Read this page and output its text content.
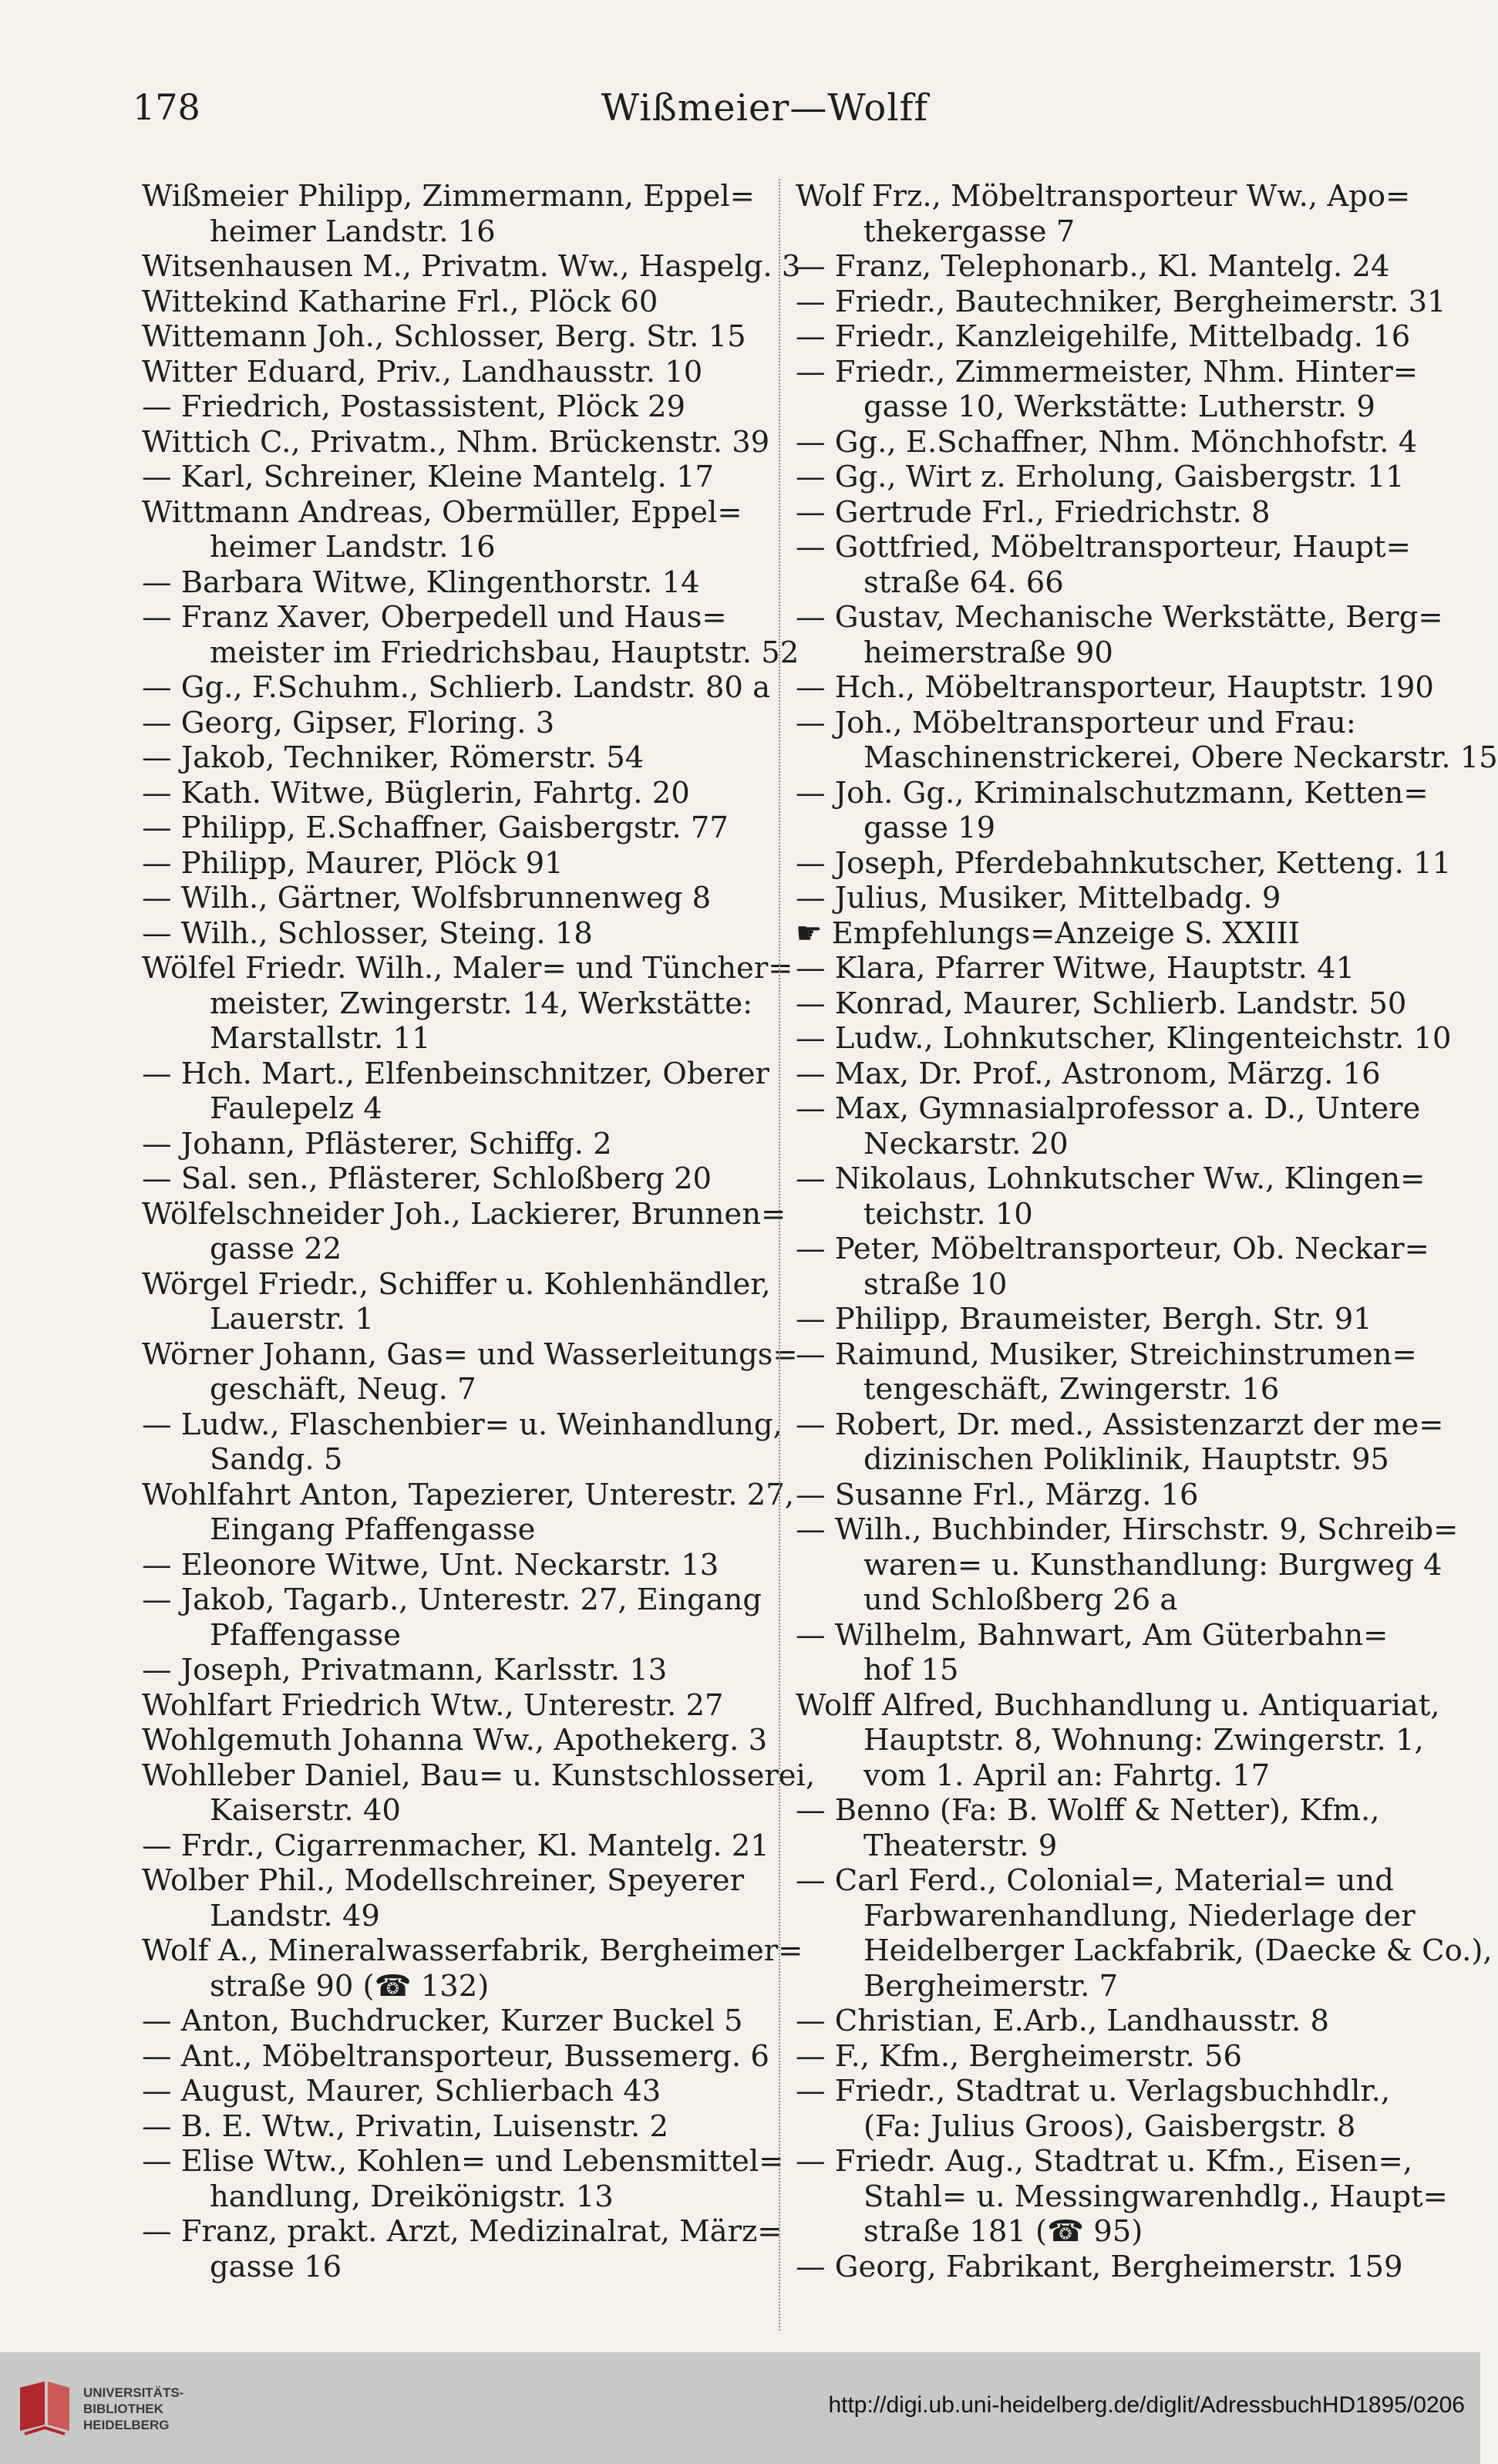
178	Wißmeier—Wolff
Wißmeier Philipp, Zimmermann, Eppel=
heimer Landstr. 16
Witsenhausen M., Privatm. Ww., Haspelg. 3
Wittekind Katharine Frl., Plöck 60
Wittemann Joh., Schlosser, Berg. Str. 15
Witter Eduard, Priv., Landhausstr. 10
— Friedrich, Postassistent, Plöck 29
Wittich C., Privatm., Nhm. Brückenstr. 39
— Karl, Schreiner, Kleine Mantelg. 17
Wittmann Andreas, Obermüller, Eppel=
heimer Landstr. 16
— Barbara Witwe, Klingenthorstr. 14
— Franz Xaver, Oberpedell und Haus=
meister im Friedrichsbau, Hauptstr. 52
— Gg., F.Schuhm., Schlierb. Landstr. 80 a
— Georg, Gipser, Floring. 3
— Jakob, Techniker, Römerstr. 54
— Kath. Witwe, Büglerin, Fahrtg. 20
— Philipp, E.Schaffner, Gaisbergstr. 77
— Philipp, Maurer, Plöck 91
— Wilh., Gärtner, Wolfsbrunnenweg 8
— Wilh., Schlosser, Steing. 18
Wölfel Friedr. Wilh., Maler= und Tüncher=
meister, Zwingerstr. 14, Werkstätte:
Marstallstr. 11
— Hch. Mart., Elfenbeinschnitzer, Oberer
Faulepelz 4
— Johann, Pflästerer, Schiffg. 2
— Sal. sen., Pflästerer, Schloßberg 20
Wölfelschneider Joh., Lackierer, Brunnen=
gasse 22
Wörgel Friedr., Schiffer u. Kohlenhändler,
Lauerstr. 1
Wörner Johann, Gas= und Wasserleitungs=
geschäft, Neug. 7
— Ludw., Flaschenbier= u. Weinhandlung,
Sandg. 5
Wohlfahrt Anton, Tapezierer, Unterestr. 27,
Eingang Pfaffengasse
— Eleonore Witwe, Unt. Neckarstr. 13
— Jakob, Tagarb., Unterestr. 27, Eingang
Pfaffengasse
— Joseph, Privatmann, Karlsstr. 13
Wohlfart Friedrich Wtw., Unterestr. 27
Wohlgemuth Johanna Ww., Apothekerg. 3
Wohlleber Daniel, Bau= u. Kunstschlosserei,
Kaiserstr. 40
— Frdr., Cigarrenmacher, Kl. Mantelg. 21
Wolber Phil., Modellschreiner, Speyerer
Landstr. 49
Wolf A., Mineralwasserfabrik, Bergheimer=
straße 90 (☎ 132)
— Anton, Buchdrucker, Kurzer Buckel 5
— Ant., Möbeltransporteur, Bussemerg. 6
— August, Maurer, Schlierbach 43
— B. E. Wtw., Privatin, Luisenstr. 2
— Elise Wtw., Kohlen= und Lebensmittel=
handlung, Dreikönigstr. 13
— Franz, prakt. Arzt, Medizinalrat, März=
gasse 16
Wolf Frz., Möbeltransporteur Ww., Apo=
thekergasse 7
— Franz, Telephonarb., Kl. Mantelg. 24
— Friedr., Bautechniker, Bergheimerstr. 31
— Friedr., Kanzleigehilfe, Mittelbadg. 16
— Friedr., Zimmermeister, Nhm. Hinter=
gasse 10, Werkstätte: Lutherstr. 9
— Gg., E.Schaffner, Nhm. Mönchhofstr. 4
— Gg., Wirt z. Erholung, Gaisbergstr. 11
— Gertrude Frl., Friedrichstr. 8
— Gottfried, Möbeltransporteur, Haupt=
straße 64. 66
— Gustav, Mechanische Werkstätte, Berg=
heimerstraße 90
— Hch., Möbeltransporteur, Hauptstr. 190
— Joh., Möbeltransporteur und Frau:
Maschinenstrickerei, Obere Neckarstr. 15
— Joh. Gg., Kriminalschutzmann, Ketten=
gasse 19
— Joseph, Pferdebahnkutscher, Ketteng. 11
— Julius, Musiker, Mittelbadg. 9
☛ Empfehlungs=Anzeige S. XXIII
— Klara, Pfarrer Witwe, Hauptstr. 41
— Konrad, Maurer, Schlierb. Landstr. 50
— Ludw., Lohnkutscher, Klingenteichstr. 10
— Max, Dr. Prof., Astronom, Märzg. 16
— Max, Gymnasialprofessor a. D., Untere
Neckarstr. 20
— Nikolaus, Lohnkutscher Ww., Klingen=
teichstr. 10
— Peter, Möbeltransporteur, Ob. Neckar=
straße 10
— Philipp, Braumeister, Bergh. Str. 91
— Raimund, Musiker, Streichinstrumen=
tengeschäft, Zwingerstr. 16
— Robert, Dr. med., Assistenzarzt der me=
dizinischen Poliklinik, Hauptstr. 95
— Susanne Frl., Märzg. 16
— Wilh., Buchbinder, Hirschstr. 9, Schreib=
waren= u. Kunsthandlung: Burgweg 4
und Schloßberg 26 a
— Wilhelm, Bahnwart, Am Güterbahn=
hof 15
Wolff Alfred, Buchhandlung u. Antiquariat,
Hauptstr. 8, Wohnung: Zwingerstr. 1,
vom 1. April an: Fahrtg. 17
— Benno (Fa: B. Wolff & Netter), Kfm.,
Theaterstr. 9
— Carl Ferd., Colonial=, Material= und
Farbwarenhandlung, Niederlage der
Heidelberger Lackfabrik, (Daecke & Co.),
Bergheimerstr. 7
— Christian, E.Arb., Landhausstr. 8
— F., Kfm., Bergheimerstr. 56
— Friedr., Stadtrat u. Verlagsbuchhdlr.,
(Fa: Julius Groos), Gaisbergstr. 8
— Friedr. Aug., Stadtrat u. Kfm., Eisen=,
Stahl= u. Messingwarenhdlg., Haupt=
straße 181 (☎ 95)
— Georg, Fabrikant, Bergheimerstr. 159
UNIVERSITÄTS-
BIBLIOTHEK
HEIDELBERG
http://digi.ub.uni-heidelberg.de/diglit/AdressbuchHD1895/0206
